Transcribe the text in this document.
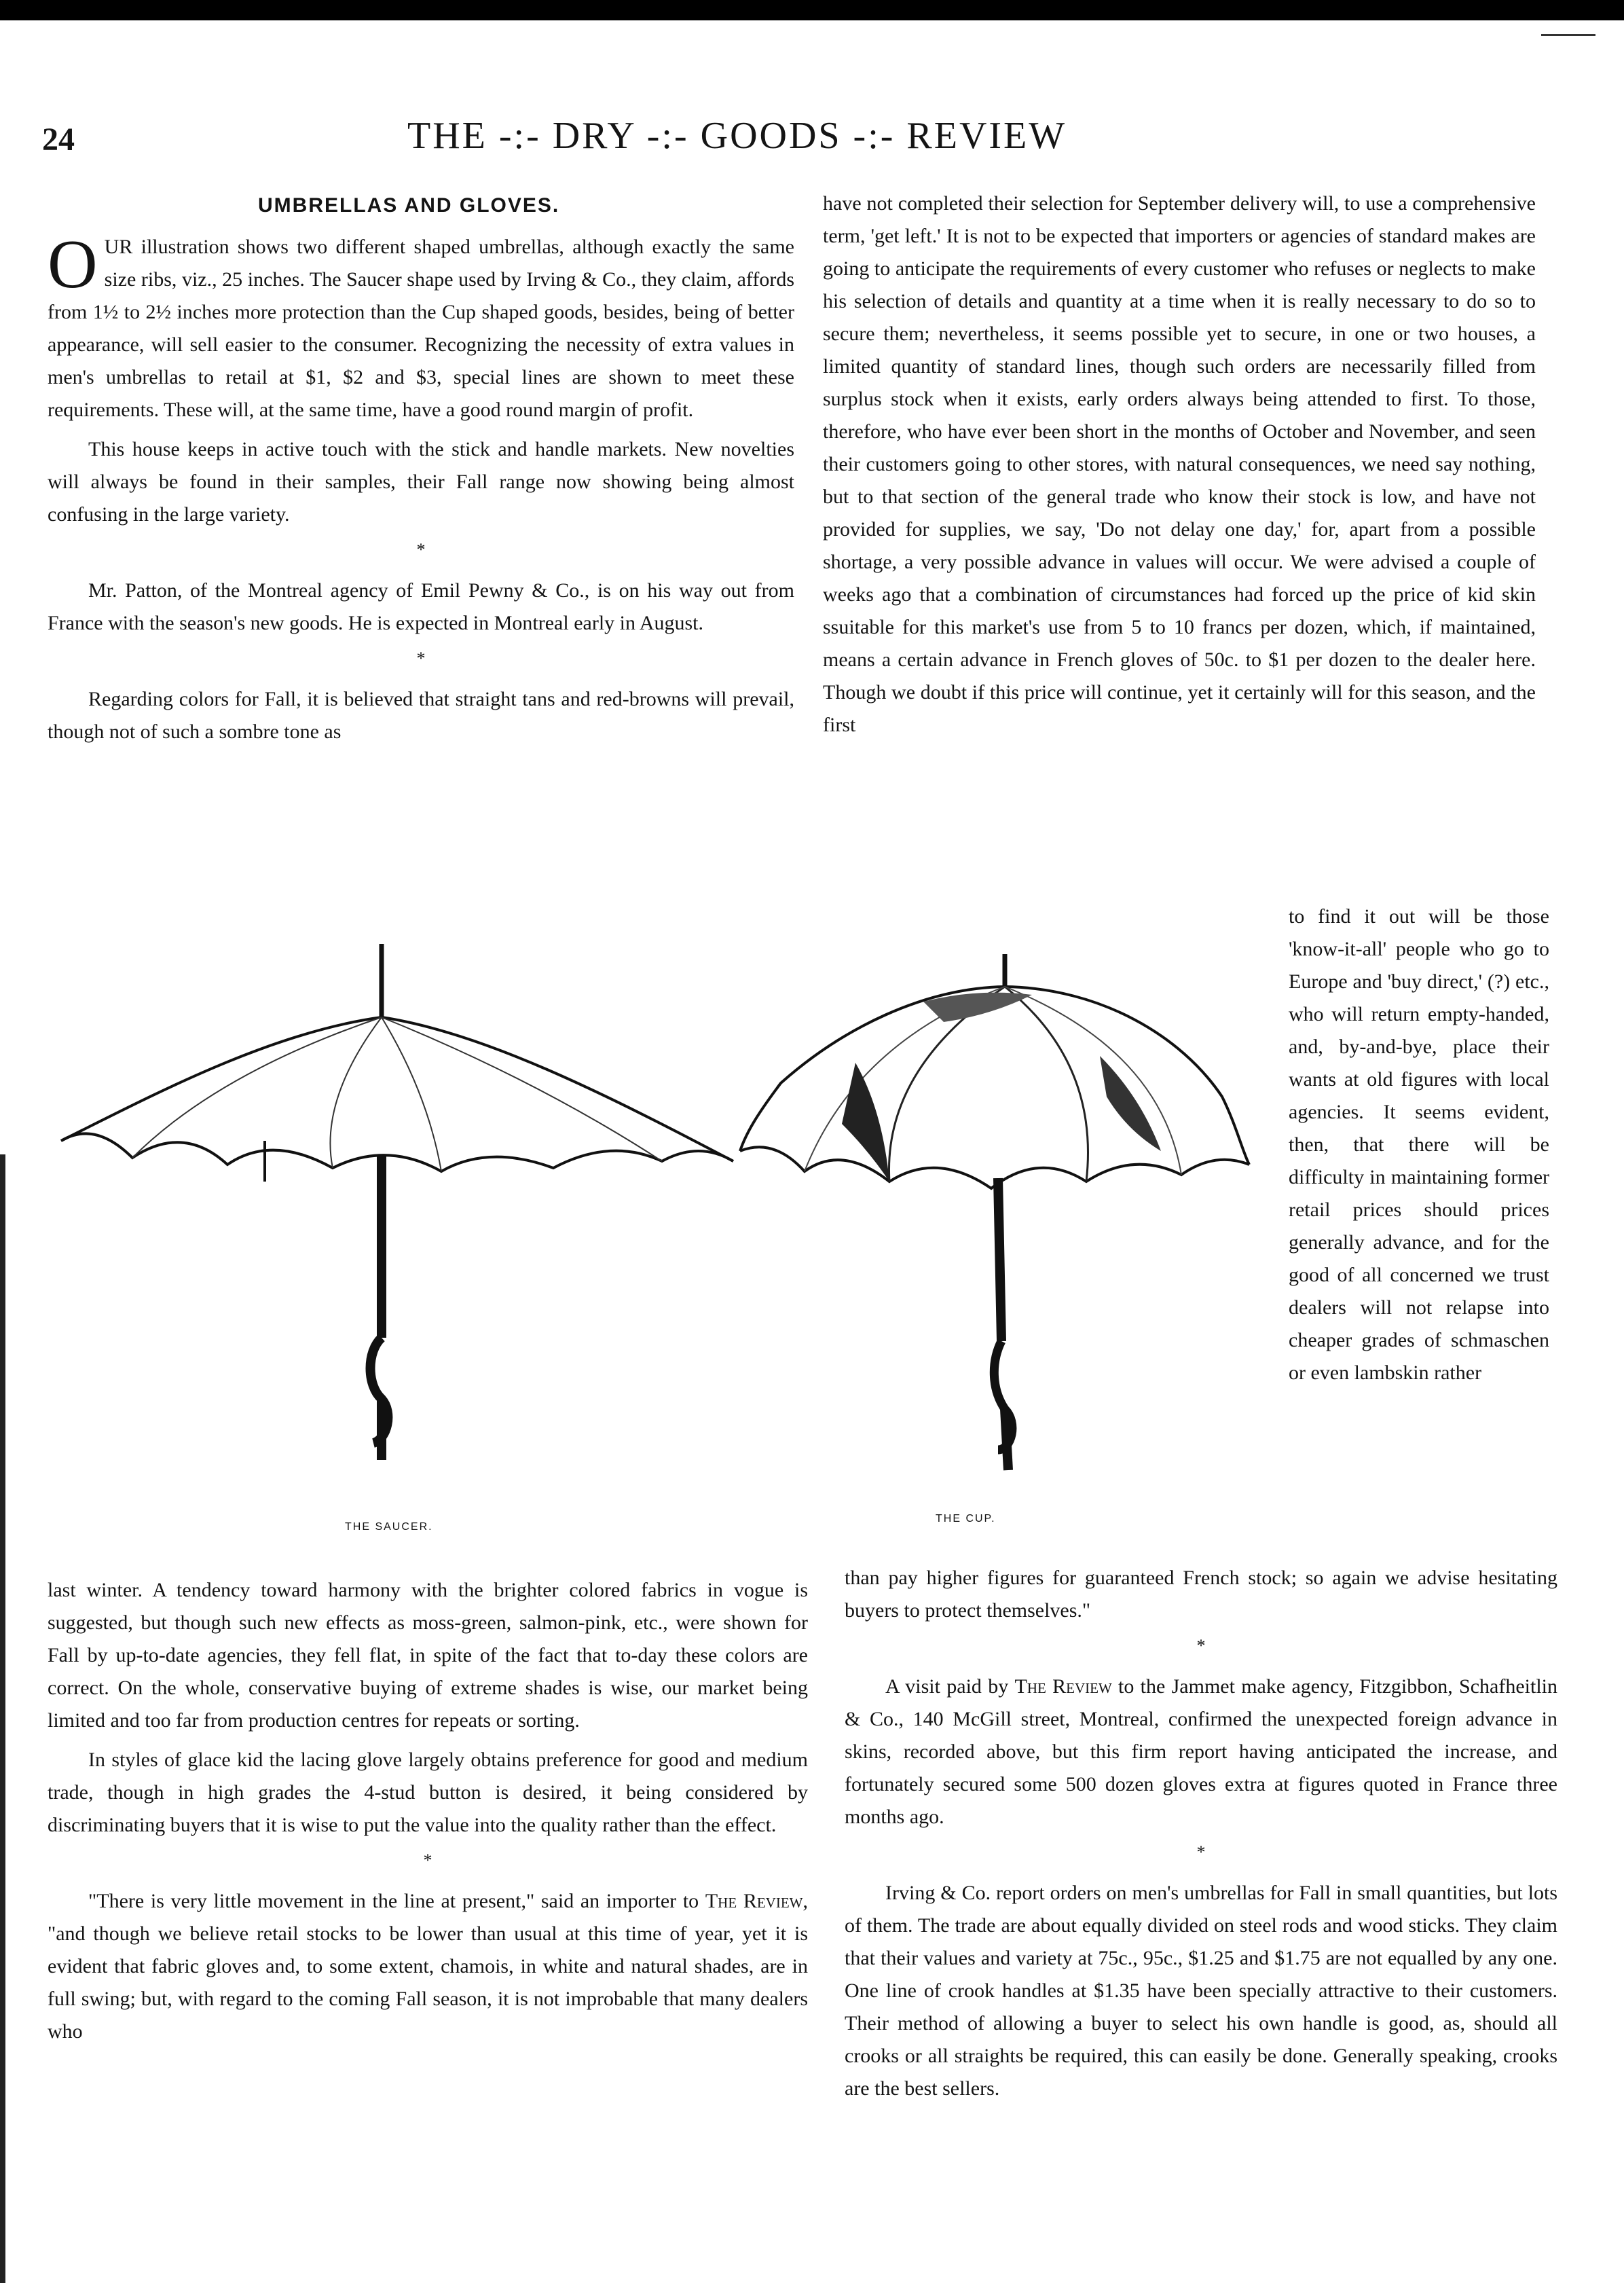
24	THE -:- DRY -:- GOODS -:- REVIEW
UMBRELLAS AND GLOVES.

OUR illustration shows two different shaped umbrellas, although exactly the same size ribs, viz., 25 inches. The Saucer shape used by Irving & Co., they claim, affords from 1½ to 2½ inches more protection than the Cup shaped goods, besides, being of better appearance, will sell easier to the consumer. Recognizing the necessity of extra values in men's umbrellas to retail at $1, $2 and $3, special lines are shown to meet these requirements. These will, at the same time, have a good round margin of profit.

This house keeps in active touch with the stick and handle markets. New novelties will always be found in their samples, their Fall range now showing being almost confusing in the large variety.

*

Mr. Patton, of the Montreal agency of Emil Pewny & Co., is on his way out from France with the season's new goods. He is expected in Montreal early in August.

*

Regarding colors for Fall, it is believed that straight tans and red-browns will prevail, though not of such a sombre tone as

have not completed their selection for September delivery will, to use a comprehensive term, 'get left.' It is not to be expected that importers or agencies of standard makes are going to anticipate the requirements of every customer who refuses or neglects to make his selection of details and quantity at a time when it is really necessary to do so to secure them; nevertheless, it seems possible yet to secure, in one or two houses, a limited quantity of standard lines, though such orders are necessarily filled from surplus stock when it exists, early orders always being attended to first. To those, therefore, who have ever been short in the months of October and November, and seen their customers going to other stores, with natural consequences, we need say nothing, but to that section of the general trade who know their stock is low, and have not provided for supplies, we say, 'Do not delay one day,' for, apart from a possible shortage, a very possible advance in values will occur. We were advised a couple of weeks ago that a combination of circumstances had forced up the price of kid skin ssuitable for this market's use from 5 to 10 francs per dozen, which, if maintained, means a certain advance in French gloves of 50c. to $1 per dozen to the dealer here. Though we doubt if this price will continue, yet it certainly will for this season, and the first

to find it out will be those 'know-it-all' people who go to Europe and 'buy direct,' (?) etc., who will return empty-handed, and, by-and-bye, place their wants at old figures with local agencies. It seems evident, then, that there will be difficulty in maintaining former retail prices should prices generally advance, and for the good of all concerned we trust dealers will not relapse into cheaper grades of schmaschen or even lambskin rather

THE SAUCER.
THE CUP.

last winter. A tendency toward harmony with the brighter colored fabrics in vogue is suggested, but though such new effects as moss-green, salmon-pink, etc., were shown for Fall by up-to-date agencies, they fell flat, in spite of the fact that to-day these colors are correct. On the whole, conservative buying of extreme shades is wise, our market being limited and too far from production centres for repeats or sorting.

In styles of glace kid the lacing glove largely obtains preference for good and medium trade, though in high grades the 4-stud button is desired, it being considered by discriminating buyers that it is wise to put the value into the quality rather than the effect.

*

"There is very little movement in the line at present," said an importer to The Review, "and though we believe retail stocks to be lower than usual at this time of year, yet it is evident that fabric gloves and, to some extent, chamois, in white and natural shades, are in full swing; but, with regard to the coming Fall season, it is not improbable that many dealers who

than pay higher figures for guaranteed French stock; so again we advise hesitating buyers to protect themselves."

*

A visit paid by The Review to the Jammet make agency, Fitzgibbon, Schafheitlin & Co., 140 McGill street, Montreal, confirmed the unexpected foreign advance in skins, recorded above, but this firm report having anticipated the increase, and fortunately secured some 500 dozen gloves extra at figures quoted in France three months ago.

*

Irving & Co. report orders on men's umbrellas for Fall in small quantities, but lots of them. The trade are about equally divided on steel rods and wood sticks. They claim that their values and variety at 75c., 95c., $1.25 and $1.75 are not equalled by any one. One line of crook handles at $1.35 have been specially attractive to their customers. Their method of allowing a buyer to select his own handle is good, as, should all crooks or all straights be required, this can easily be done. Generally speaking, crooks are the best sellers.
